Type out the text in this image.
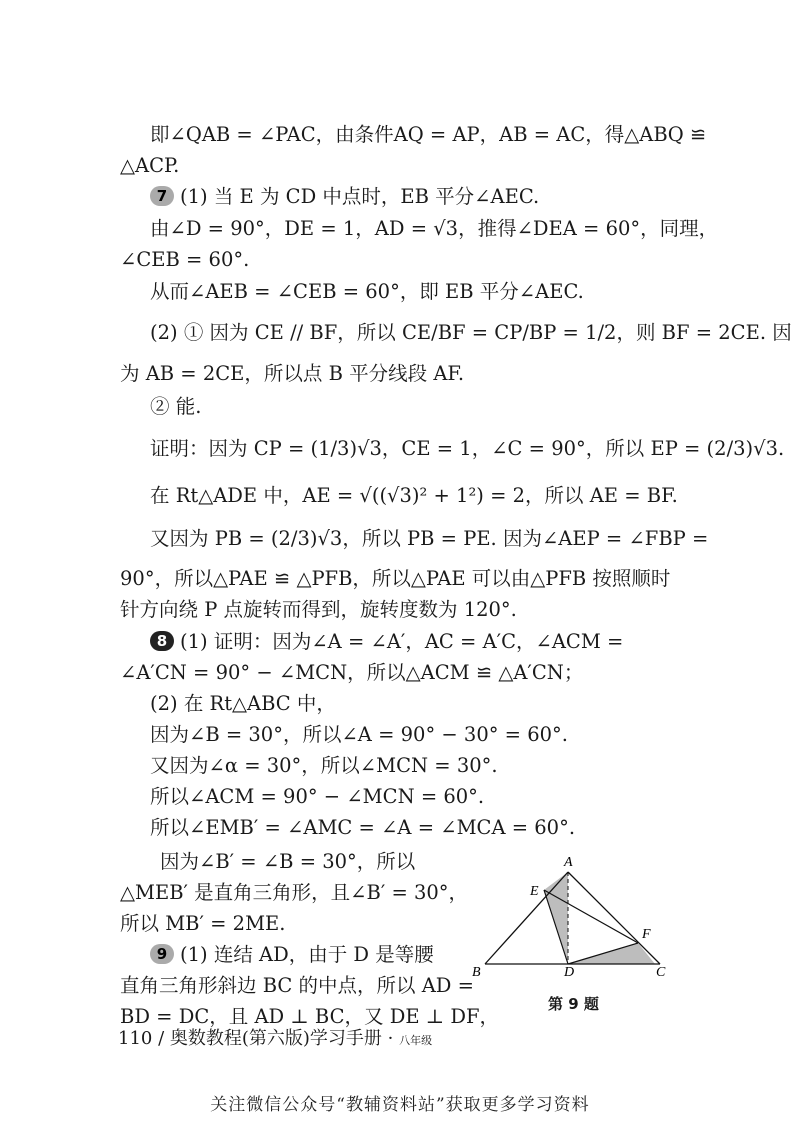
即∠QAB = ∠PAC，由条件AQ = AP，AB = AC，得△ABQ ≌
△ACP.
7 (1) 当 E 为 CD 中点时，EB 平分∠AEC.
由∠D = 90°，DE = 1，AD = √3，推得∠DEA = 60°，同理，
∠CEB = 60°.
从而∠AEB = ∠CEB = 60°，即 EB 平分∠AEC.
(2) ① 因为 CE // BF，所以 CE/BF = CP/BP = 1/2，则 BF = 2CE. 因
为 AB = 2CE，所以点 B 平分线段 AF.
② 能.
证明：因为 CP = (1/3)√3，CE = 1，∠C = 90°，所以 EP = (2/3)√3.
在 Rt△ADE 中，AE = √((√3)² + 1²) = 2，所以 AE = BF.
又因为 PB = (2/3)√3，所以 PB = PE. 因为∠AEP = ∠FBP =
90°，所以△PAE ≌ △PFB，所以△PAE 可以由△PFB 按照顺时
针方向绕 P 点旋转而得到，旋转度数为 120°.
8 (1) 证明：因为∠A = ∠A′，AC = A′C，∠ACM =
∠A′CN = 90° − ∠MCN，所以△ACM ≌ △A′CN；
(2) 在 Rt△ABC 中，
因为∠B = 30°，所以∠A = 90° − 30° = 60°.
又因为∠α = 30°，所以∠MCN = 30°.
所以∠ACM = 90° − ∠MCN = 60°.
所以∠EMB′ = ∠AMC = ∠A = ∠MCA = 60°.
因为∠B′ = ∠B = 30°，所以
△MEB′ 是直角三角形，且∠B′ = 30°，
所以 MB′ = 2ME.
9 (1) 连结 AD，由于 D 是等腰
直角三角形斜边 BC 的中点，所以 AD =
BD = DC，且 AD ⊥ BC，又 DE ⊥ DF，
A
B	C
D
E
F
第 9 题
110 / 奥数教程(第六版)学习手册 · 八年级
关注微信公众号“教辅资料站”获取更多学习资料
